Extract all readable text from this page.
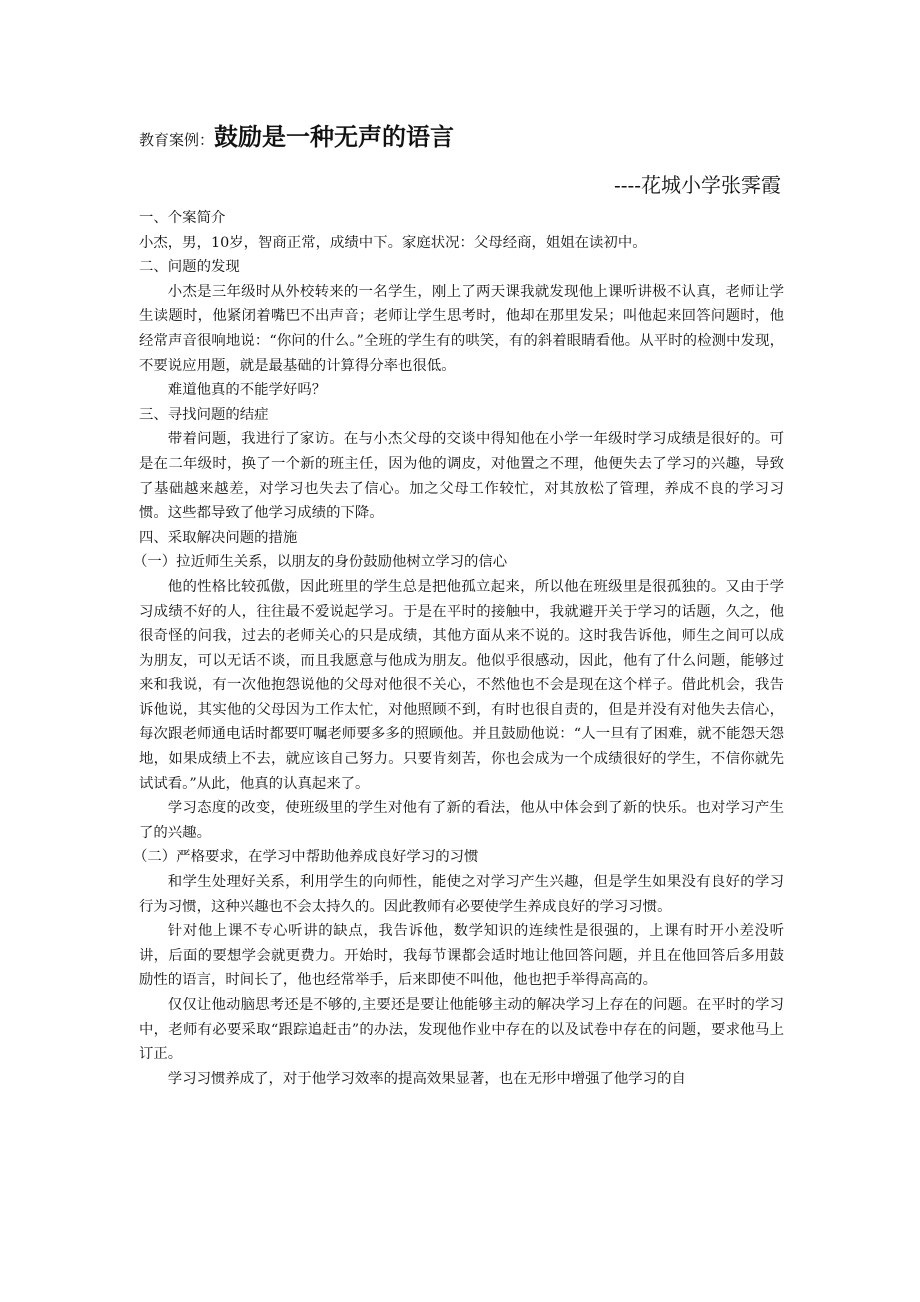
教育案例：鼓励是一种无声的语言
----花城小学张霁霞

一、个案简介

小杰，男，10岁，智商正常，成绩中下。家庭状况：父母经商，姐姐在读初中。

二、问题的发现

小杰是三年级时从外校转来的一名学生，刚上了两天课我就发现他上课听讲极不认真，老师让学生读题时，他紧闭着嘴巴不出声音；老师让学生思考时，他却在那里发呆；叫他起来回答问题时，他经常声音很响地说：“你问的什么。”全班的学生有的哄笑，有的斜着眼睛看他。从平时的检测中发现，不要说应用题，就是最基础的计算得分率也很低。

难道他真的不能学好吗？

三、寻找问题的结症

带着问题，我进行了家访。在与小杰父母的交谈中得知他在小学一年级时学习成绩是很好的。可是在二年级时，换了一个新的班主任，因为他的调皮，对他置之不理，他便失去了学习的兴趣，导致了基础越来越差，对学习也失去了信心。加之父母工作较忙，对其放松了管理，养成不良的学习习惯。这些都导致了他学习成绩的下降。

四、采取解决问题的措施

（一）拉近师生关系，以朋友的身份鼓励他树立学习的信心

他的性格比较孤傲，因此班里的学生总是把他孤立起来，所以他在班级里是很孤独的。又由于学习成绩不好的人，往往最不爱说起学习。于是在平时的接触中，我就避开关于学习的话题，久之，他很奇怪的问我，过去的老师关心的只是成绩，其他方面从来不说的。这时我告诉他，师生之间可以成为朋友，可以无话不谈，而且我愿意与他成为朋友。他似乎很感动，因此，他有了什么问题，能够过来和我说，有一次他抱怨说他的父母对他很不关心，不然他也不会是现在这个样子。借此机会，我告诉他说，其实他的父母因为工作太忙，对他照顾不到，有时也很自责的，但是并没有对他失去信心，每次跟老师通电话时都要叮嘱老师要多多的照顾他。并且鼓励他说：“人一旦有了困难，就不能怨天怨地，如果成绩上不去，就应该自己努力。只要肯刻苦，你也会成为一个成绩很好的学生，不信你就先试试看。”从此，他真的认真起来了。

学习态度的改变，使班级里的学生对他有了新的看法，他从中体会到了新的快乐。也对学习产生了的兴趣。

（二）严格要求，在学习中帮助他养成良好学习的习惯

和学生处理好关系，利用学生的向师性，能使之对学习产生兴趣，但是学生如果没有良好的学习行为习惯，这种兴趣也不会太持久的。因此教师有必要使学生养成良好的学习习惯。

针对他上课不专心听讲的缺点，我告诉他，数学知识的连续性是很强的，上课有时开小差没听讲，后面的要想学会就更费力。开始时，我每节课都会适时地让他回答问题，并且在他回答后多用鼓励性的语言，时间长了，他也经常举手，后来即使不叫他，他也把手举得高高的。

仅仅让他动脑思考还是不够的,主要还是要让他能够主动的解决学习上存在的问题。在平时的学习中，老师有必要采取“跟踪追赶击”的办法，发现他作业中存在的以及试卷中存在的问题，要求他马上订正。

学习习惯养成了，对于他学习效率的提高效果显著，也在无形中增强了他学习的自
